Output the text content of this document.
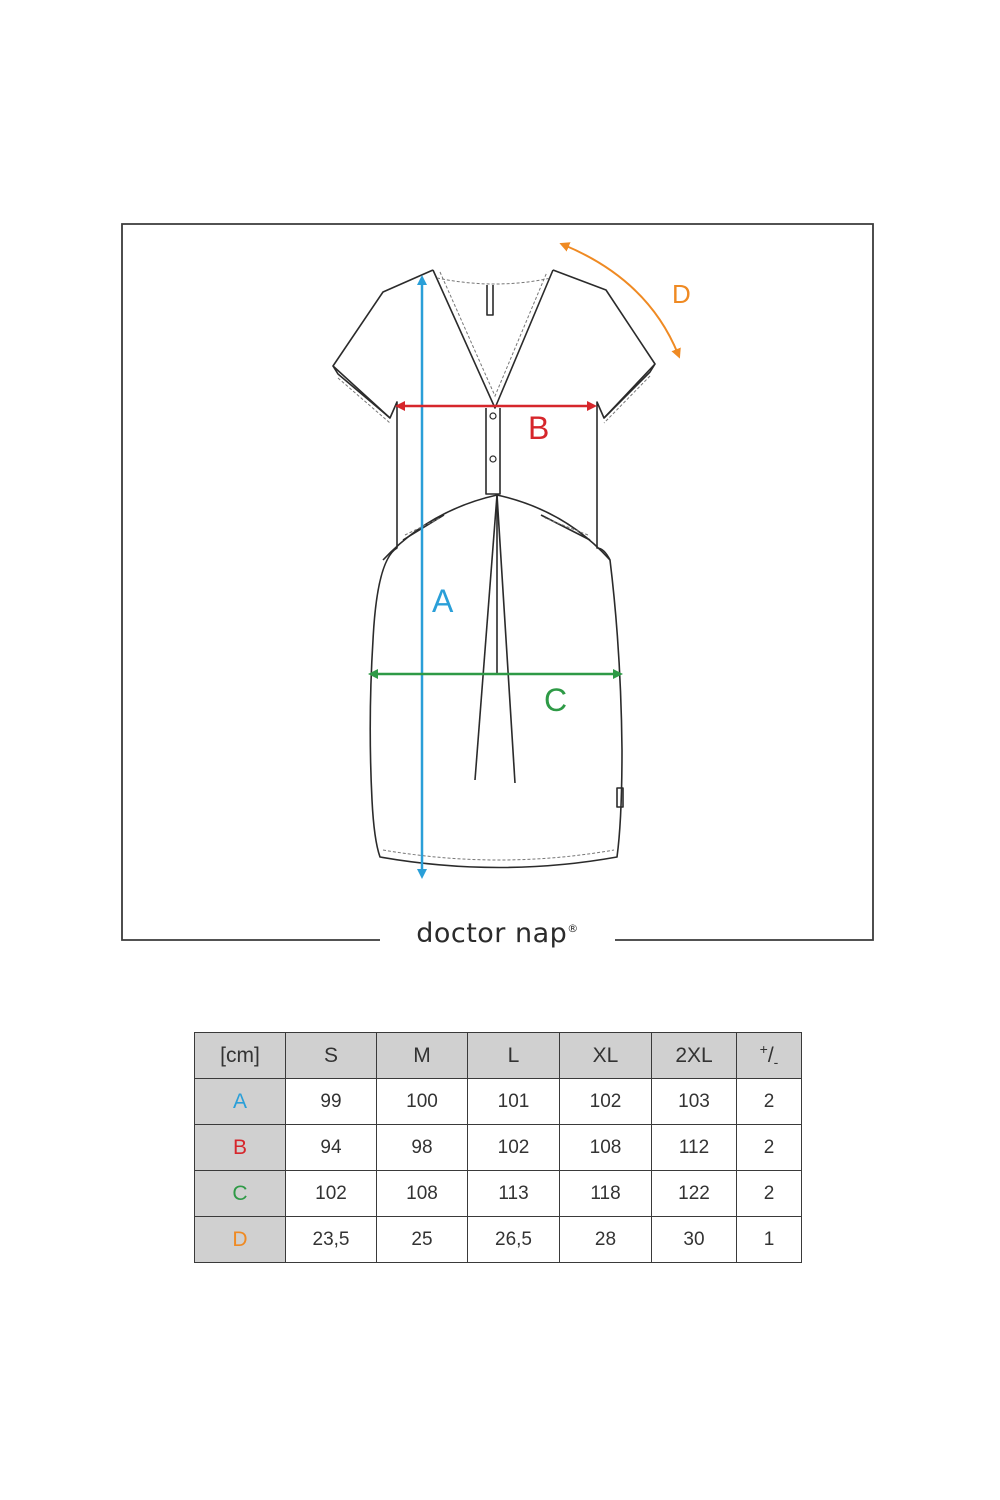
A
B
C
D
doctor nap®
[cm]	S	M	L	XL	2XL	$^+/_-$
A	99	100	101	102	103	2
B	94	98	102	108	112	2
C	102	108	113	118	122	2
D	23,5	25	26,5	28	30	1
